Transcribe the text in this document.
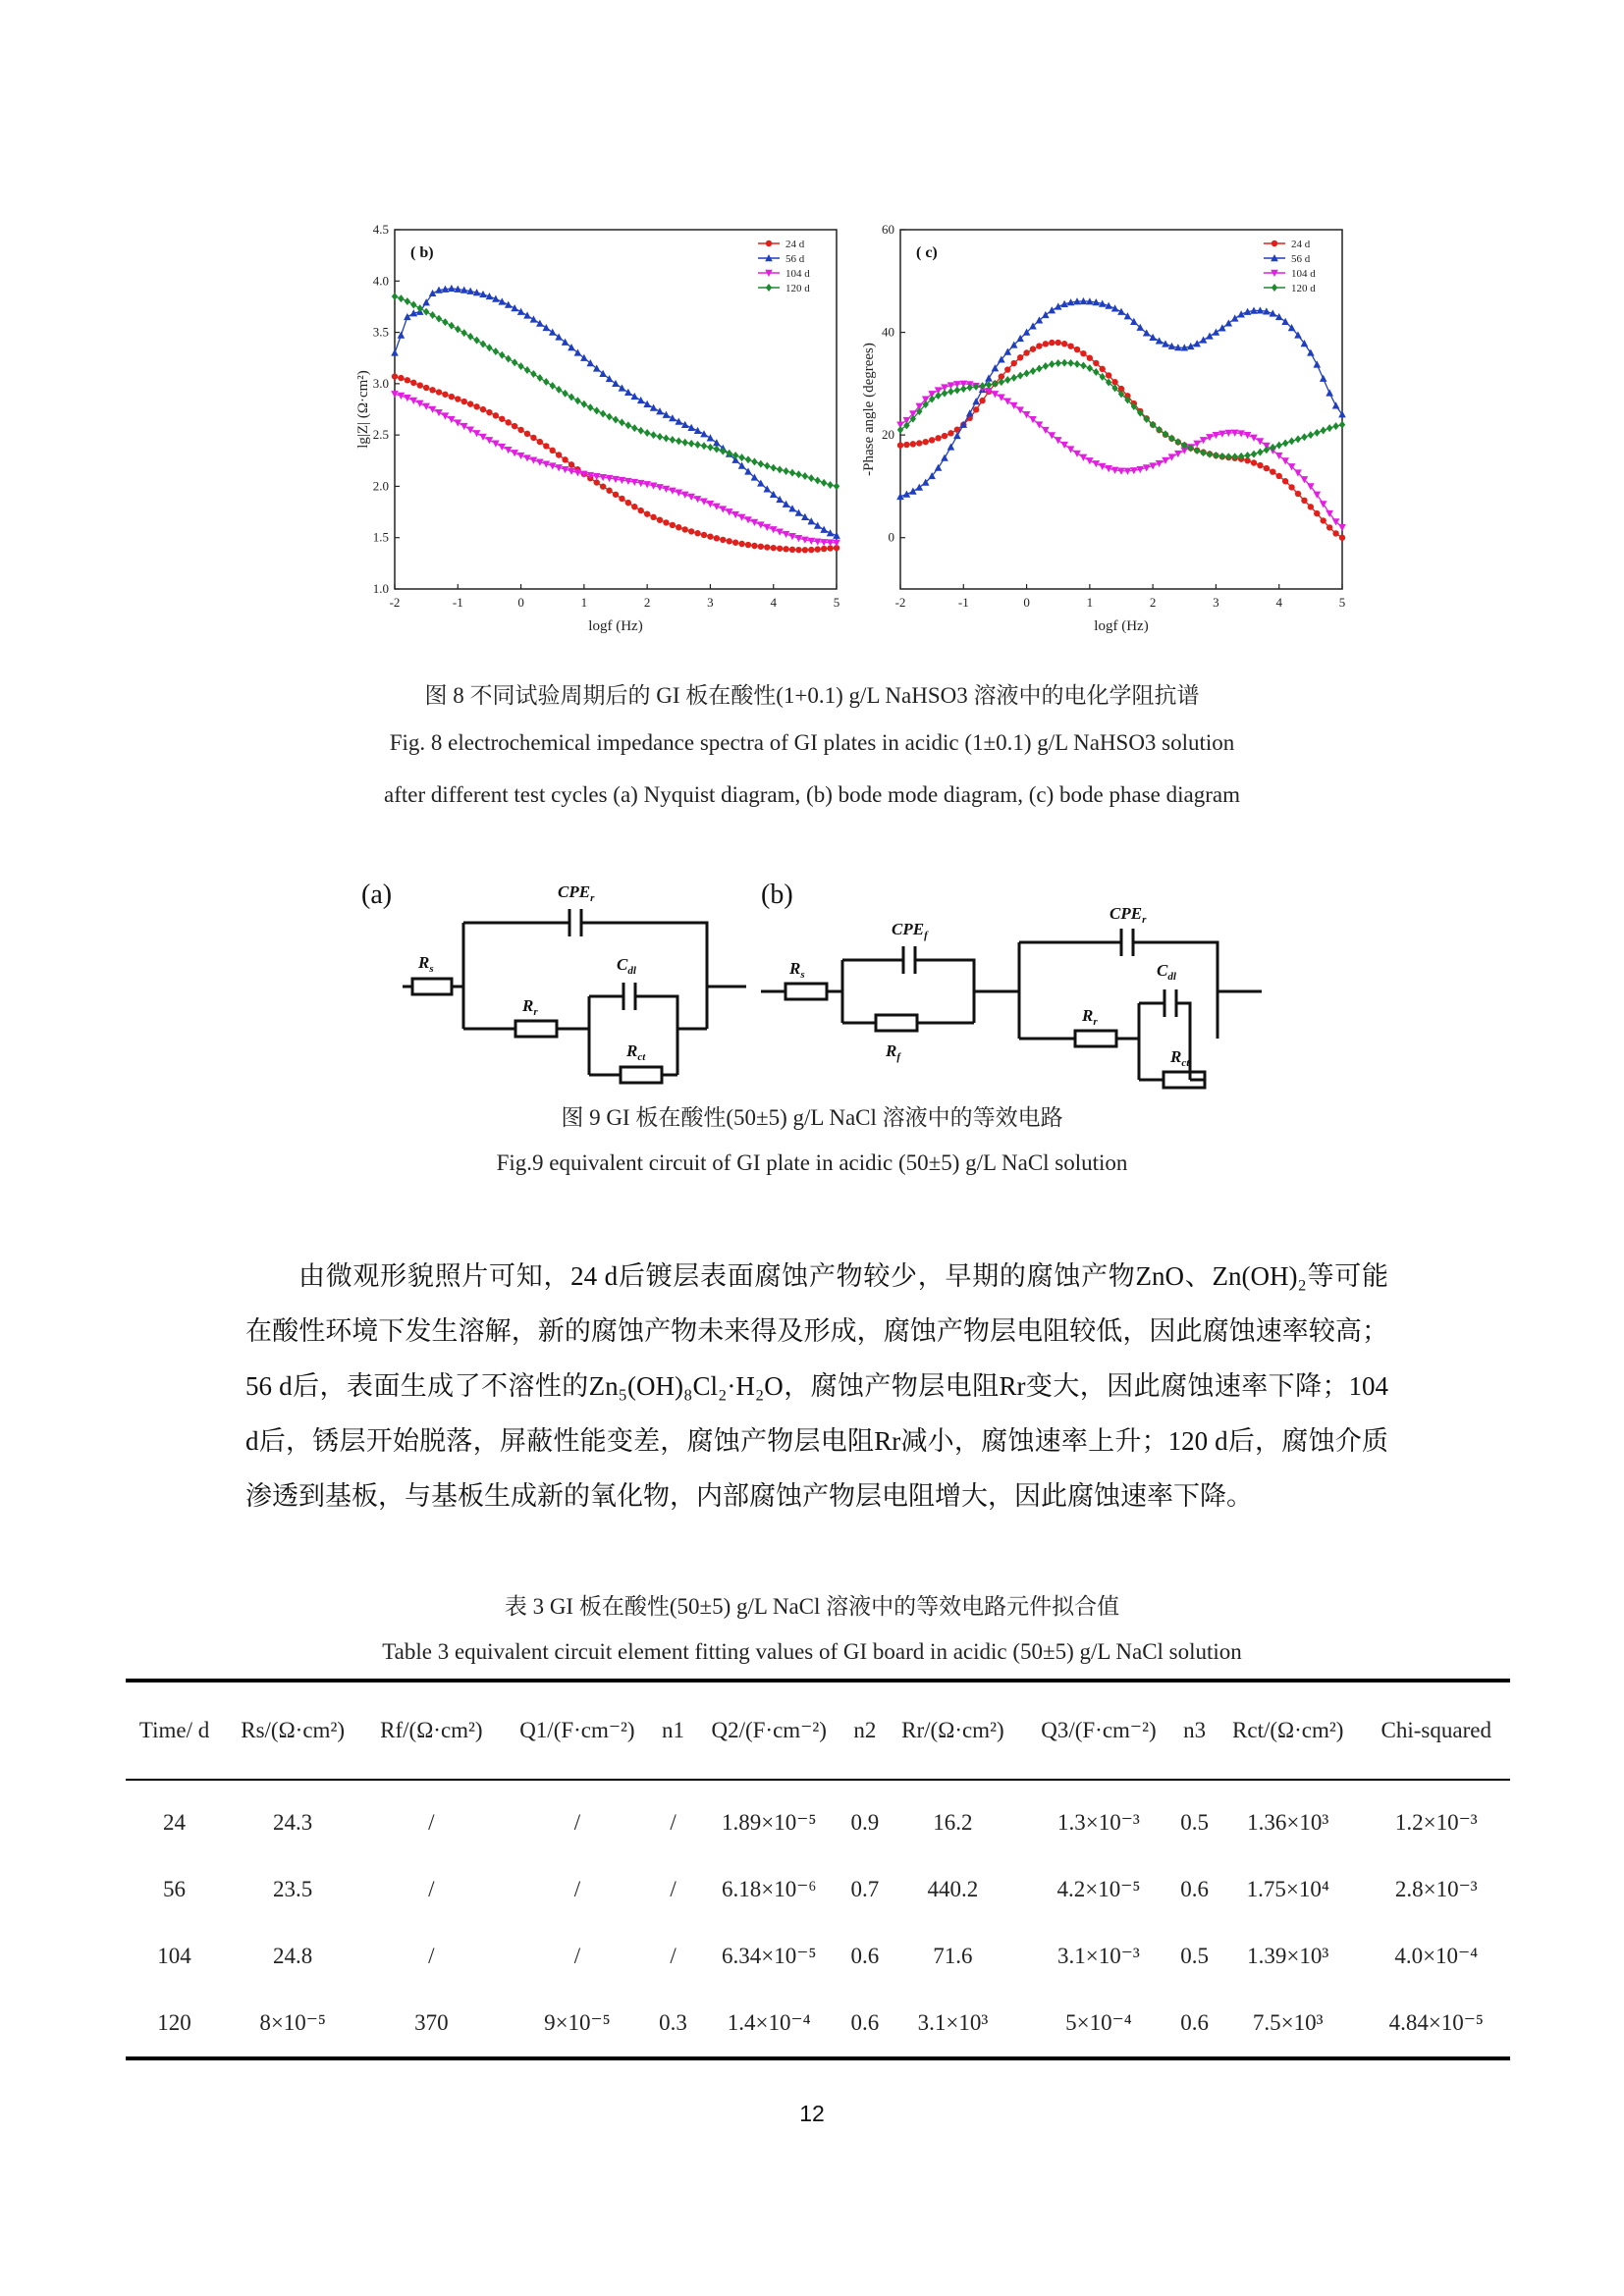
-2	-1	0	1	2	3	4	5
1.0
1.5
2.0
2.5
3.0
3.5
4.0
4.5
logf (Hz)
lg|Z| (Ω·cm²)
( b)	24 d
56 d
104 d
120 d
-2	-1	0	1	2	3	4	5
0
20
40
60
logf (Hz)
-Phase angle (degrees)
( c)	24 d
56 d
104 d
120 d
图 8 不同试验周期后的 GI 板在酸性(1+0.1) g/L NaHSO3 溶液中的电化学阻抗谱
Fig. 8 electrochemical impedance spectra of GI plates in acidic (1±0.1) g/L NaHSO3 solution
after different test cycles (a) Nyquist diagram, (b) bode mode diagram, (c) bode phase diagram
(a)	(b)
$CPE_r$
$R_s$
$R_r$
$C_{dl}$
$R_{ct}$
$CPE_f$
$R_s$
$R_f$
$CPE_r$
$R_r$
$C_{dl}$
$R_{ct}$
图 9 GI 板在酸性(50±5) g/L NaCl 溶液中的等效电路
Fig.9 equivalent circuit of GI plate in acidic (50±5) g/L NaCl solution

由微观形貌照片可知，24 d后镀层表面腐蚀产物较少，早期的腐蚀产物ZnO、Zn(OH)₂等可能在酸性环境下发生溶解，新的腐蚀产物未来得及形成，腐蚀产物层电阻较低，因此腐蚀速率较高；56 d后，表面生成了不溶性的Zn₅(OH)₈Cl₂·H₂O，腐蚀产物层电阻Rr变大，因此腐蚀速率下降；104 d后，锈层开始脱落，屏蔽性能变差，腐蚀产物层电阻Rr减小，腐蚀速率上升；120 d后，腐蚀介质渗透到基板，与基板生成新的氧化物，内部腐蚀产物层电阻增大，因此腐蚀速率下降。

表 3 GI 板在酸性(50±5) g/L NaCl 溶液中的等效电路元件拟合值
Table 3 equivalent circuit element fitting values of GI board in acidic (50±5) g/L NaCl solution
Time/ d	Rs/(Ω·cm²)	Rf/(Ω·cm²)	Q1/(F·cm⁻²)	n1	Q2/(F·cm⁻²)	n2	Rr/(Ω·cm²)	Q3/(F·cm⁻²)	n3	Rct/(Ω·cm²)	Chi-squared
24	24.3	/	/	/	1.89×10⁻⁵	0.9	16.2	1.3×10⁻³	0.5	1.36×10³	1.2×10⁻³
56	23.5	/	/	/	6.18×10⁻⁶	0.7	440.2	4.2×10⁻⁵	0.6	1.75×10⁴	2.8×10⁻³
104	24.8	/	/	/	6.34×10⁻⁵	0.6	71.6	3.1×10⁻³	0.5	1.39×10³	4.0×10⁻⁴
120	8×10⁻⁵	370	9×10⁻⁵	0.3	1.4×10⁻⁴	0.6	3.1×10³	5×10⁻⁴	0.6	7.5×10³	4.84×10⁻⁵
12
